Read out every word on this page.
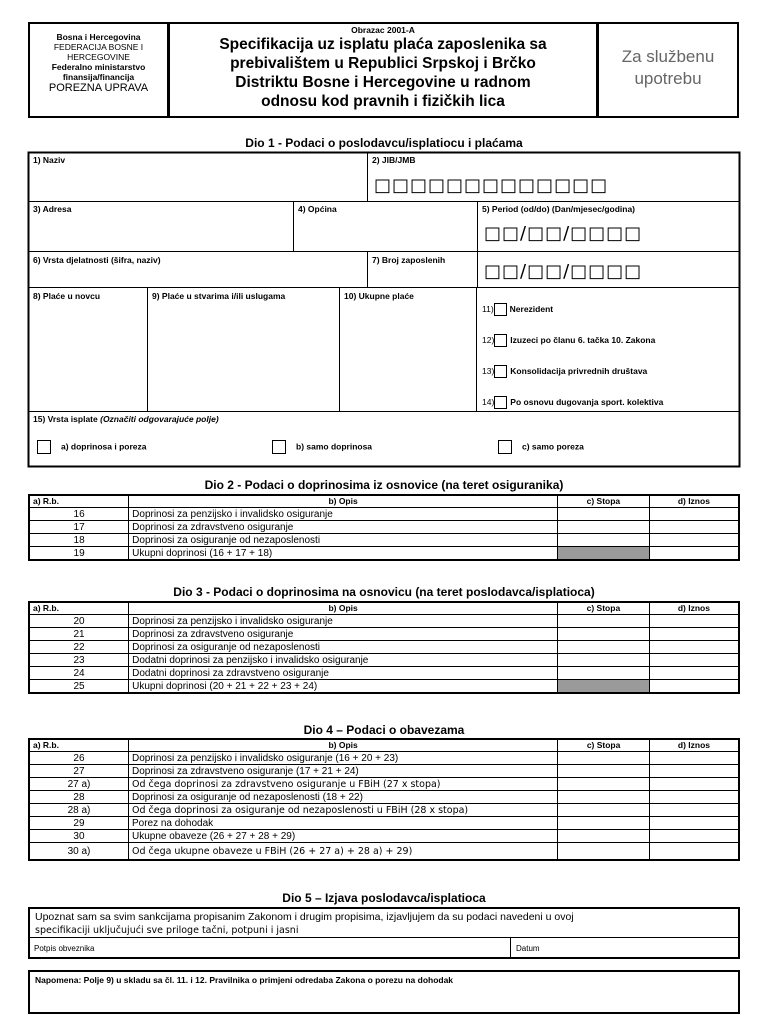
Bosna i Hercegovina
FEDERACIJA BOSNE I
HERCEGOVINE
Federalno ministarstvo
finansija/financija
POREZNA UPRAVA
Obrazac 2001-A
Specifikacija uz isplatu plaća zaposlenika sa
prebivalištem u Republici Srpskoj i Brčko
Distriktu Bosne i Hercegovine u radnom
odnosu kod pravnih i fizičkih lica
Za službenu
upotrebu
Dio 1 - Podaci o poslodavcu/isplatiocu i plaćama
1) Naziv	2) JIB/JMB
□□□□□□□□□□□□□
3) Adresa	4) Općina	5) Period (od/do) (Dan/mjesec/godina)
□□/□□/□□□□
6) Vrsta djelatnosti (šifra, naziv)	7) Broj zaposlenih
□□/□□/□□□□
8) Plaće u novcu	9) Plaće u stvarima i/ili uslugama	10) Ukupne plaće
11) Nerezident
12) Izuzeci po članu 6. tačka 10. Zakona
13) Konsolidacija privrednih društava
14) Po osnovu dugovanja sport. kolektiva
15) Vrsta isplate (Označiti odgovarajuće polje)
a) doprinosa i poreza	b) samo doprinosa	c) samo poreza
Dio 2 - Podaci o doprinosima iz osnovice (na teret osiguranika)
a) R.b.	b) Opis	c) Stopa	d) Iznos
16	Doprinosi za penzijsko i invalidsko osiguranje		
17	Doprinosi za zdravstveno osiguranje		
18	Doprinosi za osiguranje od nezaposlenosti		
19	Ukupni doprinosi (16 + 17 + 18)		
Dio 3 - Podaci o doprinosima na osnovicu (na teret poslodavca/isplatioca)
a) R.b.	b) Opis	c) Stopa	d) Iznos
20	Doprinosi za penzijsko i invalidsko osiguranje		
21	Doprinosi za zdravstveno osiguranje		
22	Doprinosi za osiguranje od nezaposlenosti		
23	Dodatni doprinosi za penzijsko i invalidsko osiguranje		
24	Dodatni doprinosi za zdravstveno osiguranje		
25	Ukupni doprinosi (20 + 21 + 22 + 23 + 24)		
Dio 4 – Podaci o obavezama
a) R.b.	b) Opis	c) Stopa	d) Iznos
26	Doprinosi za penzijsko i invalidsko osiguranje (16 + 20 + 23)		
27	Doprinosi za zdravstveno osiguranje (17 + 21 + 24)		
27 a)	Od čega doprinosi za zdravstveno osiguranje u FBiH (27 x stopa)		
28	Doprinosi za osiguranje od nezaposlenosti (18 + 22)		
28 a)	Od čega doprinosi za osiguranje od nezaposlenosti u FBiH (28 x stopa)		
29	Porez na dohodak		
30	Ukupne obaveze (26 + 27 + 28 + 29)		
30 a)	Od čega ukupne obaveze u FBiH (26 + 27 a) + 28 a) + 29)		
Dio 5 – Izjava poslodavca/isplatioca
Upoznat sam sa svim sankcijama propisanim Zakonom i drugim propisima, izjavljujem da su podaci navedeni u ovoj
specifikaciji uključujući sve priloge tačni, potpuni i jasni
Potpis obveznika	Datum
Napomena: Polje 9) u skladu sa čl. 11. i 12. Pravilnika o primjeni odredaba Zakona o porezu na dohodak
